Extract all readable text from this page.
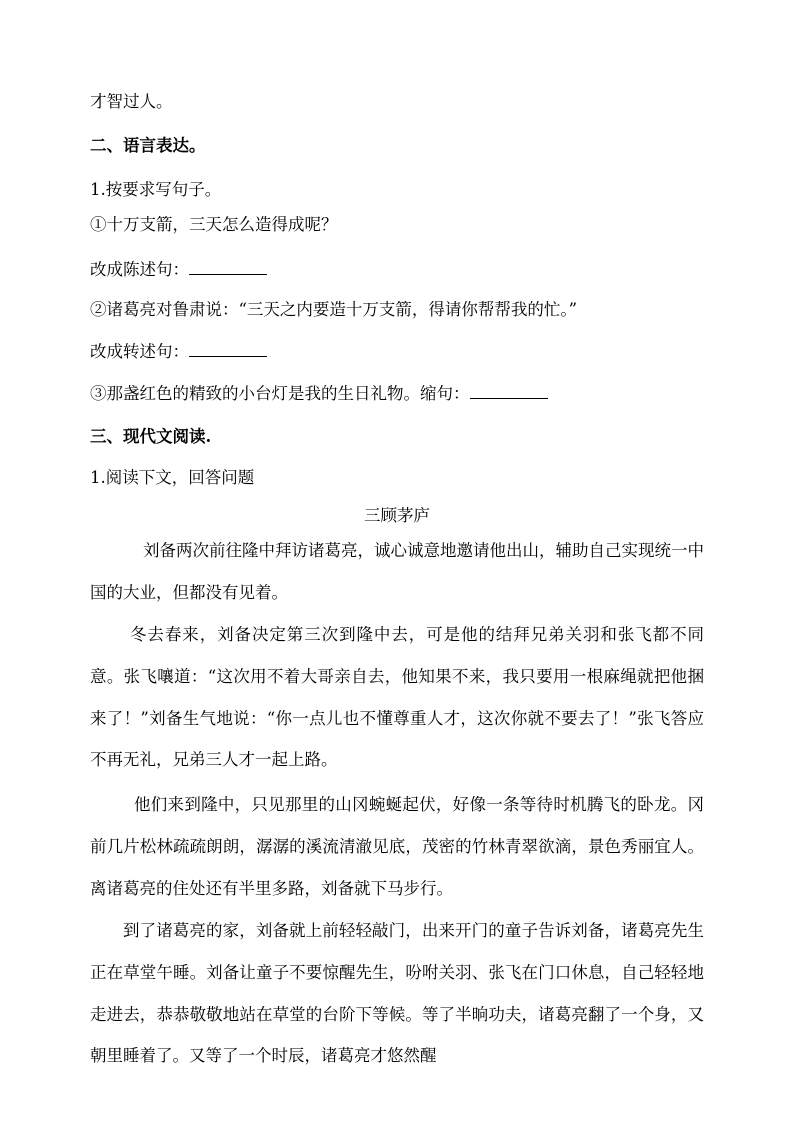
才智过人。
二、语言表达。
1.按要求写句子。
①十万支箭，三天怎么造得成呢？
改成陈述句：
②诸葛亮对鲁肃说：“三天之内要造十万支箭，得请你帮帮我的忙。”
改成转述句：
③那盏红色的精致的小台灯是我的生日礼物。缩句：
三、现代文阅读.
1.阅读下文，回答问题
三顾茅庐

刘备两次前往隆中拜访诸葛亮，诚心诚意地邀请他出山，辅助自己实现统一中国的大业，但都没有见着。

冬去春来，刘备决定第三次到隆中去，可是他的结拜兄弟关羽和张飞都不同意。张飞嚷道：“这次用不着大哥亲自去，他知果不来，我只要用一根麻绳就把他捆来了！”刘备生气地说：“你一点儿也不懂尊重人才，这次你就不要去了！”张飞答应不再无礼，兄弟三人才一起上路。

他们来到隆中，只见那里的山冈蜿蜒起伏，好像一条等待时机腾飞的卧龙。冈前几片松林疏疏朗朗，潺潺的溪流清澈见底，茂密的竹林青翠欲滴，景色秀丽宜人。离诸葛亮的住处还有半里多路，刘备就下马步行。

到了诸葛亮的家，刘备就上前轻轻敲门，出来开门的童子告诉刘备，诸葛亮先生正在草堂午睡。刘备让童子不要惊醒先生，吩咐关羽、张飞在门口休息，自己轻轻地走进去，恭恭敬敬地站在草堂的台阶下等候。等了半晌功夫，诸葛亮翻了一个身，又朝里睡着了。又等了一个时辰，诸葛亮才悠然醒
